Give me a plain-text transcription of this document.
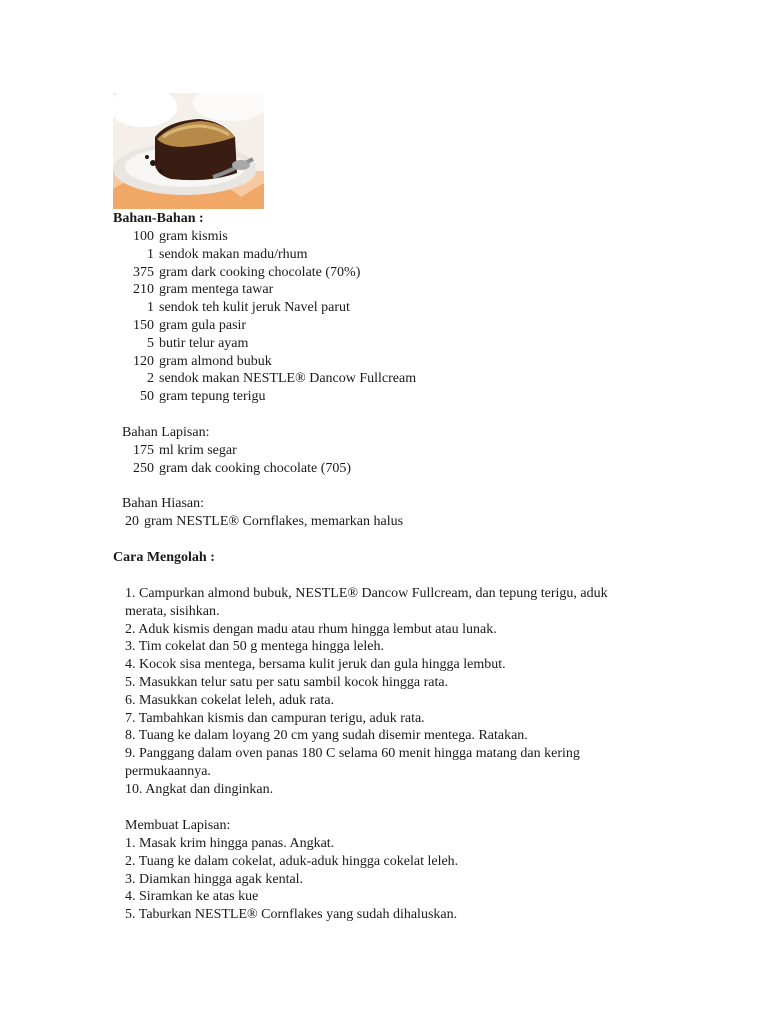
Bahan-Bahan :
100 gram kismis
1 sendok makan madu/rhum
375 gram dark cooking chocolate (70%)
210 gram mentega tawar
1 sendok teh kulit jeruk Navel parut
150 gram gula pasir
5 butir telur ayam
120 gram almond bubuk
2 sendok makan NESTLE® Dancow Fullcream
50 gram tepung terigu
Bahan Lapisan:
175 ml krim segar
250 gram dak cooking chocolate (705)
Bahan Hiasan:
20 gram NESTLE® Cornflakes, memarkan halus
Cara Mengolah :
1. Campurkan almond bubuk, NESTLE® Dancow Fullcream, dan tepung terigu, aduk
merata, sisihkan.
2. Aduk kismis dengan madu atau rhum hingga lembut atau lunak.
3. Tim cokelat dan 50 g mentega hingga leleh.
4. Kocok sisa mentega, bersama kulit jeruk dan gula hingga lembut.
5. Masukkan telur satu per satu sambil kocok hingga rata.
6. Masukkan cokelat leleh, aduk rata.
7. Tambahkan kismis dan campuran terigu, aduk rata.
8. Tuang ke dalam loyang 20 cm yang sudah disemir mentega. Ratakan.
9. Panggang dalam oven panas 180 C selama 60 menit hingga matang dan kering
permukaannya.
10. Angkat dan dinginkan.
Membuat Lapisan:
1. Masak krim hingga panas. Angkat.
2. Tuang ke dalam cokelat, aduk-aduk hingga cokelat leleh.
3. Diamkan hingga agak kental.
4. Siramkan ke atas kue
5. Taburkan NESTLE® Cornflakes yang sudah dihaluskan.
